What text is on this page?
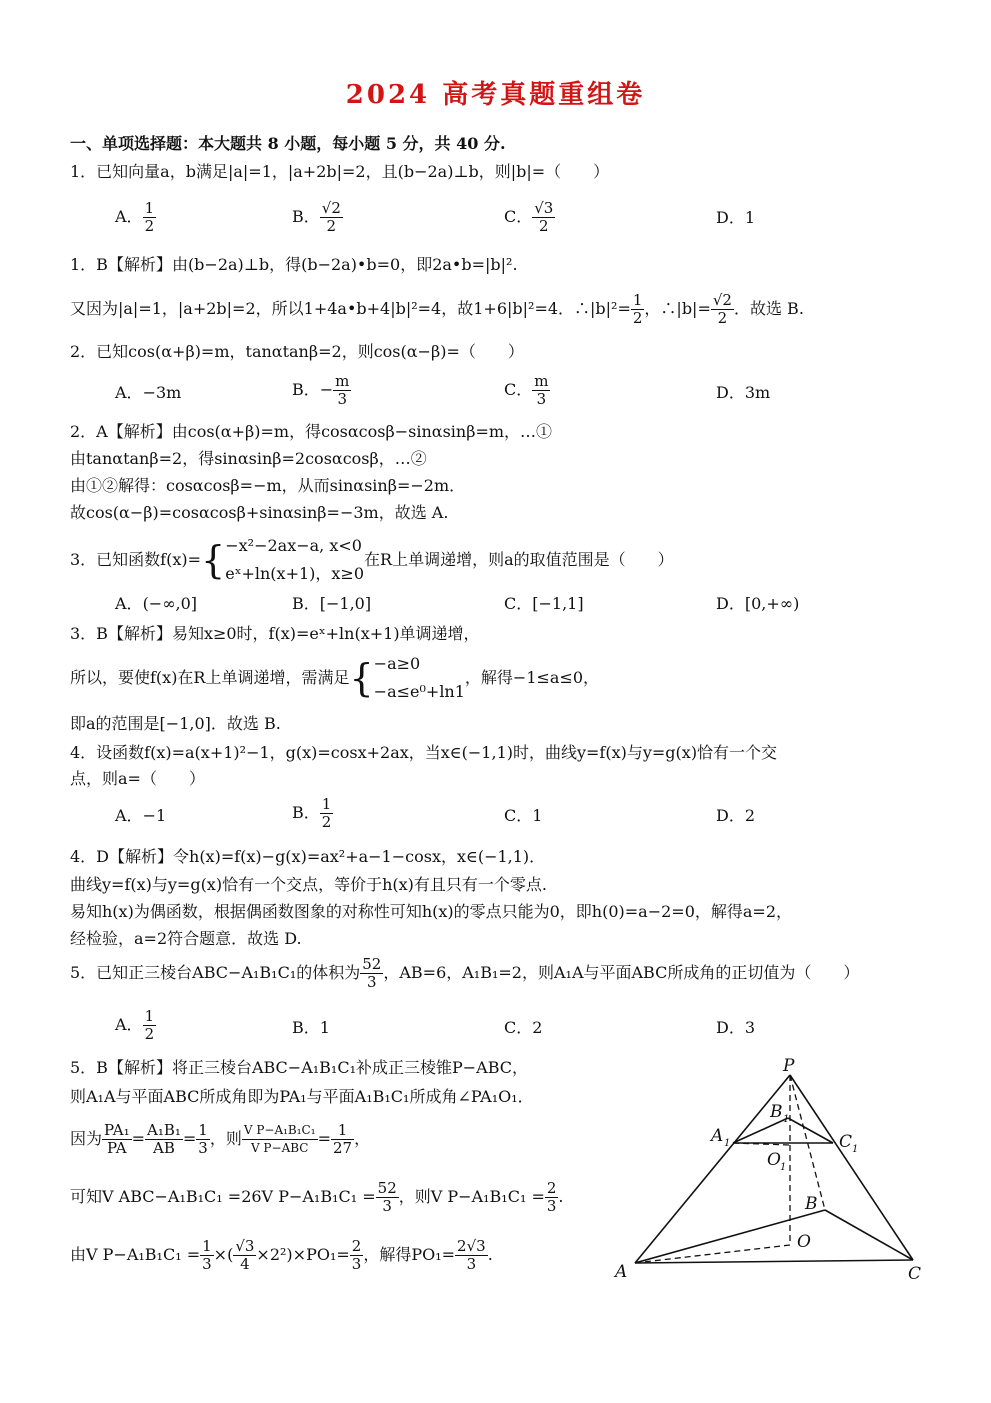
2024 高考真题重组卷
一、单项选择题：本大题共 8 小题，每小题 5 分，共 40 分.
1．已知向量a，b满足|a|=1，|a+2b|=2，且(b−2a)⊥b，则|b|=（　　）
A． $\frac{1}{2}$	B． $\frac{√2}{2}$	C． $\frac{√3}{2}$	D．1
1．B【解析】由(b−2a)⊥b，得(b−2a)•b=0，即2a•b=|b|².
又因为|a|=1，|a+2b|=2，所以1+4a•b+4|b|²=4，故1+6|b|²=4．∴|b|²= $\frac{1}{2}$ ，∴|b|= $\frac{√2}{2}$ ．故选 B.
2．已知cos(α+β)=m，tanαtanβ=2，则cos(α−β)=（　　）
A．−3m	B．− $\frac{m}{3}$	C． $\frac{m}{3}$	D．3m
2．A【解析】由cos(α+β)=m，得cosαcosβ−sinαsinβ=m，…①
由tanαtanβ=2，得sinαsinβ=2cosαcosβ，…②
由①②解得：cosαcosβ=−m，从而sinαsinβ=−2m．
故cos(α−β)=cosαcosβ+sinαsinβ=−3m，故选 A.
3．已知函数f(x)={ −x²−2ax−a, x<0
eˣ+ln(x+1)，x≥0
在R上单调递增，则a的取值范围是（　　）
A．(−∞,0]	B．[−1,0]	C．[−1,1]	D．[0,+∞)
3．B【解析】易知x≥0时，f(x)=eˣ+ln(x+1)单调递增，
所以，要使f(x)在R上单调递增，需满足{ −a≥0
−a≤e⁰+ln1
，解得−1≤a≤0，
即a的范围是[−1,0]．故选 B.
4．设函数f(x)=a(x+1)²−1，g(x)=cosx+2ax，当x∈(−1,1)时，曲线y=f(x)与y=g(x)恰有一个交
点，则a=（　　）
A．−1	B． $\frac{1}{2}$	C．1	D．2
4．D【解析】令h(x)=f(x)−g(x)=ax²+a−1−cosx，x∈(−1,1)．
曲线y=f(x)与y=g(x)恰有一个交点，等价于h(x)有且只有一个零点.
易知h(x)为偶函数，根据偶函数图象的对称性可知h(x)的零点只能为0，即h(0)=a−2=0，解得a=2，
经检验，a=2符合题意．故选 D.
5．已知正三棱台ABC−A₁B₁C₁的体积为 $\frac{52}{3}$ ，AB=6，A₁B₁=2，则A₁A与平面ABC所成角的正切值为（　　）
A． $\frac{1}{2}$	B．1	C．2	D．3
5．B【解析】将正三棱台ABC−A₁B₁C₁补成正三棱锥P−ABC，
则A₁A与平面ABC所成角即为PA₁与平面A₁B₁C₁所成角∠PA₁O₁．
因为 $\frac{\text{PA₁}}{PA} = \frac{\text{A₁B₁}}{AB} = \frac{1}{3}$ ，则 $\frac{\text{V P−A₁B₁C₁}}{\text{V P−ABC}} = \frac{1}{27}$ ，
可知V ABC−A₁B₁C₁ =26V $P-A_1B_1C_1 = \frac{52}{3}$ ，则V $P-A_1B_1C_1 = \frac{2}{3}$ .
由V $P-A_1B_1C_1 = \frac{1}{3}$ ×( $\frac{√3}{4} \times 2^2)\times PO_1= \frac{2}{3}$ ，解得$PO_1= \frac{2√3}{3}$ .
P
A 1
B 1
C 1
O 1
B
O
A	C
